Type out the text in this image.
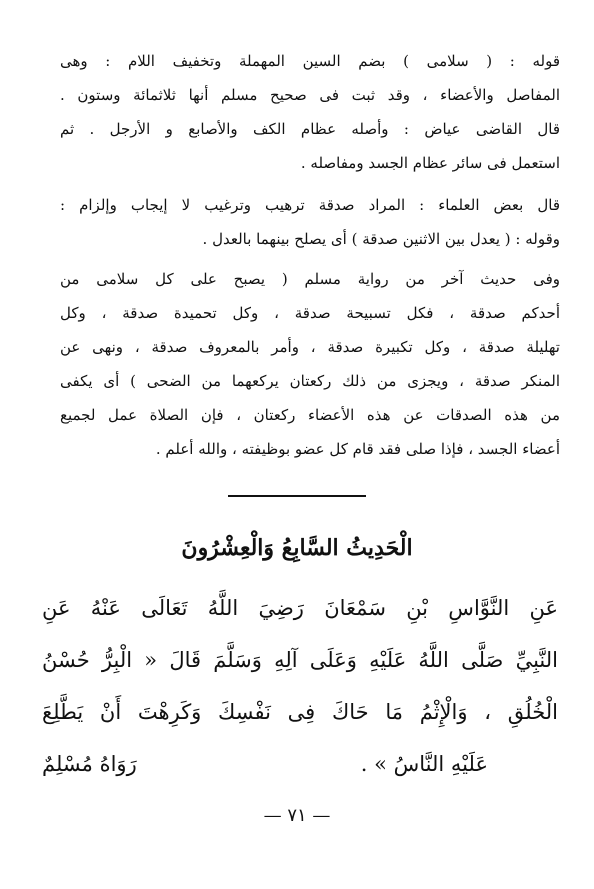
قوله : ( سلامى ) بضم السين المهملة وتخفيف اللام : وهى
المفاصل والأعضاء ، وقد ثبت فى صحيح مسلم أنها ثلاثمائة وستون .
قال القاضى عياض : وأصله عظام الكف والأصابع و الأرجل . ثم
استعمل فى سائر عظام الجسد ومفاصله .

قال بعض العلماء : المراد صدقة ترهيب وترغيب لا إيجاب وإلزام :
وقوله : ( يعدل بين الاثنين صدقة ) أى يصلح بينهما بالعدل .

وفى حديث آخر من رواية مسلم ( يصبح على كل سلامى من
أحدكم صدقة ، فكل تسبيحة صدقة ، وكل تحميدة صدقة ، وكل
تهليلة صدقة ، وكل تكبيرة صدقة ، وأمر بالمعروف صدقة ، ونهى عن
المنكر صدقة ، ويجزى من ذلك ركعتان يركعهما من الضحى ) أى يكفى
من هذه الصدقات عن هذه الأعضاء ركعتان ، فإن الصلاة عمل لجميع
أعضاء الجسد ، فإذا صلى فقد قام كل عضو بوظيفته ، والله أعلم .

الْحَدِيثُ السَّابِعُ وَالْعِشْرُونَ
عَنِ النَّوَّاسِ بْنِ سَمْعَانَ رَضِيَ اللَّهُ تَعَالَى عَنْهُ عَنِ
النَّبِيِّ صَلَّى اللَّهُ عَلَيْهِ وَعَلَى آلِهِ وَسَلَّمَ قَالَ « الْبِرُّ حُسْنُ
الْخُلُقِ ، وَالْإِثْمُ مَا حَاكَ فِى نَفْسِكَ وَكَرِهْتَ أَنْ يَطَّلِعَ
عَلَيْهِ النَّاسُ » .
رَوَاهُ مُسْلِمٌ
— ٧١ —
